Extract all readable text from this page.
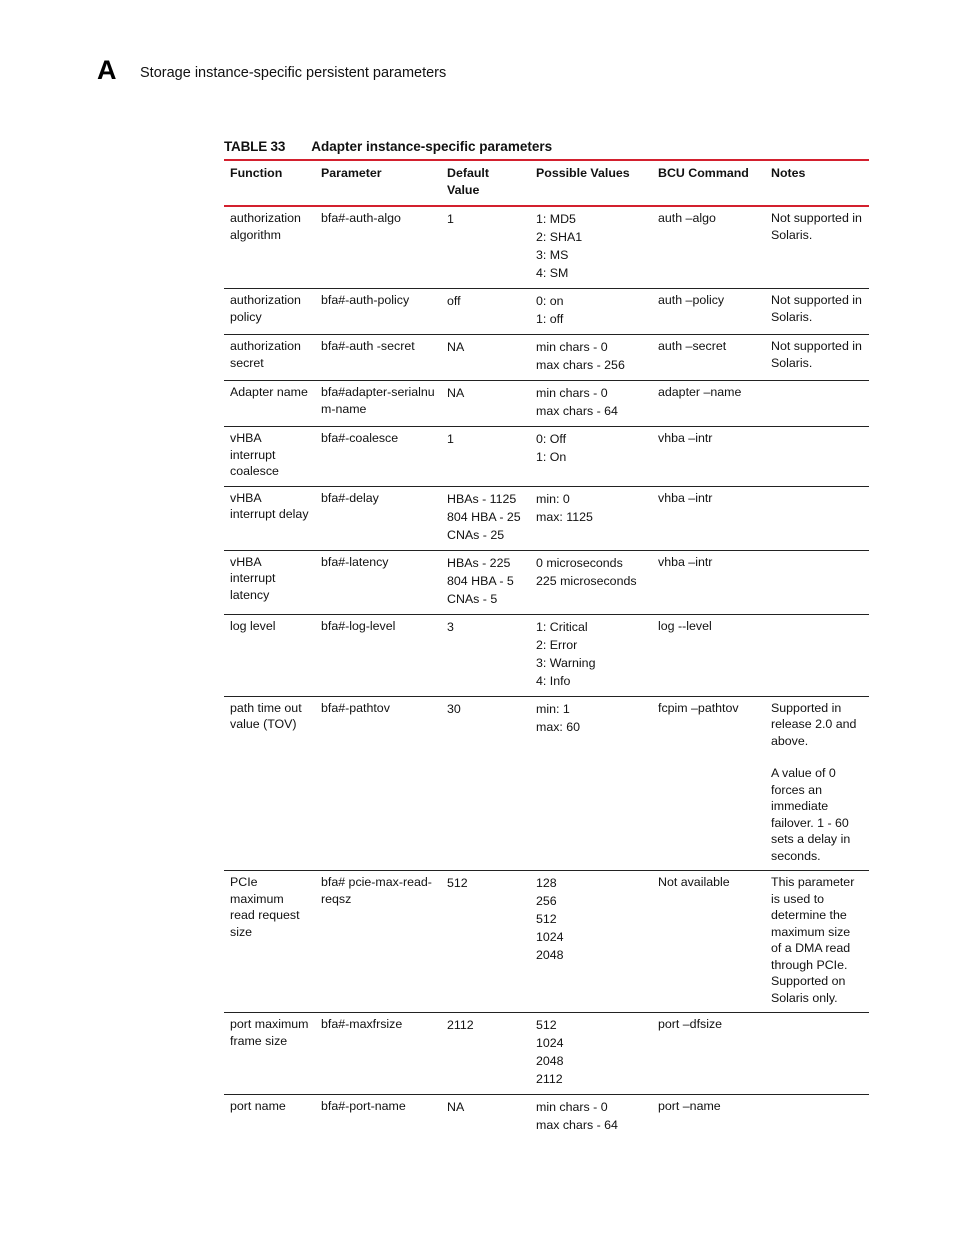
A Storage instance-specific persistent parameters
TABLE 33 Adapter instance-specific parameters
Function	Parameter	Default Value	Possible Values	BCU Command	Notes
authorization algorithm	bfa#-auth-algo	1	1: MD5
2: SHA1
3: MS
4: SM	auth –algo	Not supported in Solaris.

authorization policy	bfa#-auth-policy	off	0: on
1: off	auth –policy	Not supported in Solaris.

authorization secret	bfa#-auth -secret	NA	min chars - 0
max chars - 256	auth –secret	Not supported in Solaris.

Adapter name	bfa#adapter-serialnum-name	NA	min chars - 0
max chars - 64	adapter –name	
vHBA interrupt coalesce	bfa#-coalesce	1	0: Off
1: On	vhba –intr	
vHBA interrupt delay	bfa#-delay	HBAs - 1125
804 HBA - 25
CNAs - 25	min: 0
max: 1125	vhba –intr	
vHBA interrupt latency	bfa#-latency	HBAs - 225
804 HBA - 5
CNAs - 5	0 microseconds
225 microseconds	vhba –intr	
log level	bfa#-log-level	3	1: Critical
2: Error
3: Warning
4: Info	log --level	
path time out value (TOV)	bfa#-pathtov	30	min: 1
max: 60	fcpim –pathtov	Supported in release 2.0 and above.
A value of 0 forces an immediate failover. 1 - 60 sets a delay in seconds.

PCIe maximum read request size	bfa# pcie-max-read-reqsz	512	128
256
512
1024
2048	Not available	This parameter is used to determine the maximum size of a DMA read through PCIe. Supported on Solaris only.

port maximum frame size	bfa#-maxfrsize	2112	512
1024
2048
2112	port –dfsize	
port name	bfa#-port-name	NA	min chars - 0
max chars - 64	port –name	
